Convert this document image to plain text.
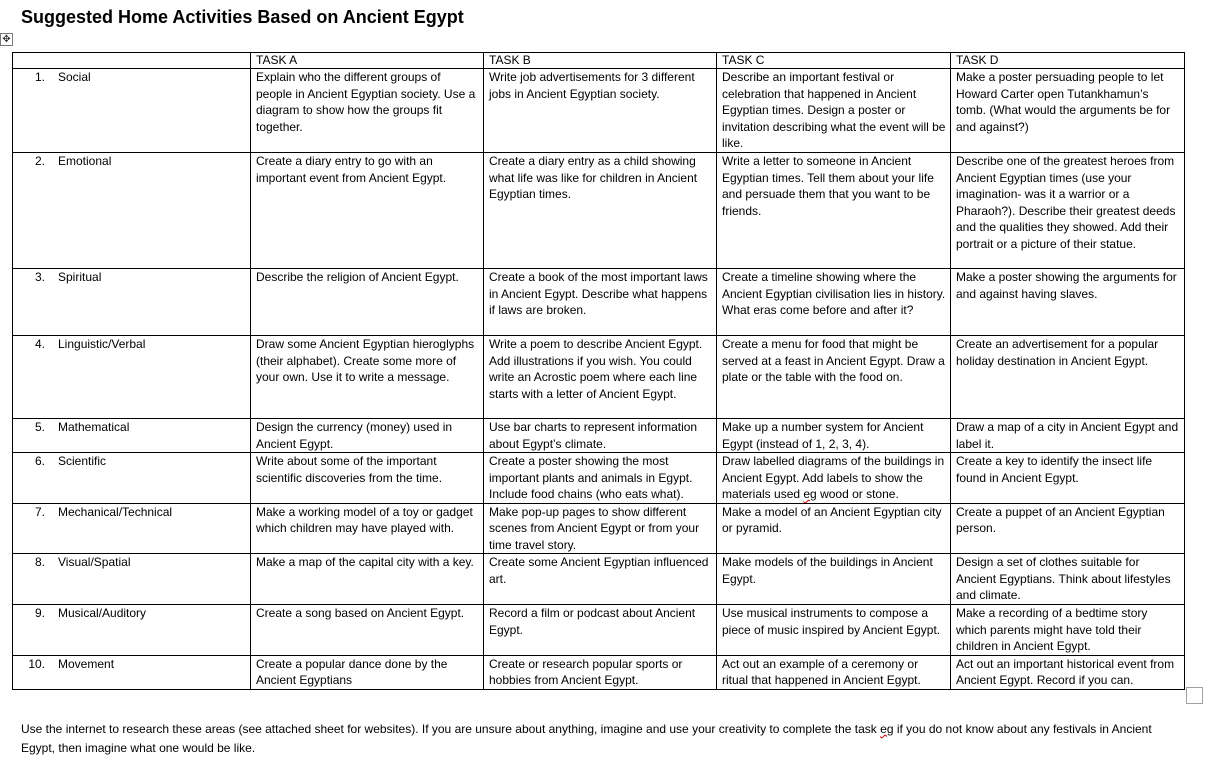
Suggested Home Activities Based on Ancient Egypt
✥
	TASK A	TASK B	TASK C	TASK D
1. Social	Explain who the different groups of people in Ancient Egyptian society. Use a diagram to show how the groups fit together.	Write job advertisements for 3 different jobs in Ancient Egyptian society.	Describe an important festival or celebration that happened in Ancient Egyptian times. Design a poster or invitation describing what the event will be like.	Make a poster persuading people to let Howard Carter open Tutankhamun’s tomb. (What would the arguments be for and against?)
2. Emotional	Create a diary entry to go with an important event from Ancient Egypt.	Create a diary entry as a child showing what life was like for children in Ancient Egyptian times.	Write a letter to someone in Ancient Egyptian times. Tell them about your life and persuade them that you want to be friends.	Describe one of the greatest heroes from Ancient Egyptian times (use your imagination- was it a warrior or a Pharaoh?). Describe their greatest deeds and the qualities they showed. Add their portrait or a picture of their statue.
3. Spiritual	Describe the religion of Ancient Egypt.	Create a book of the most important laws in Ancient Egypt. Describe what happens if laws are broken.	Create a timeline showing where the Ancient Egyptian civilisation lies in history. What eras come before and after it?	Make a poster showing the arguments for and against having slaves.
4. Linguistic/Verbal	Draw some Ancient Egyptian hieroglyphs (their alphabet). Create some more of your own. Use it to write a message.	Write a poem to describe Ancient Egypt. Add illustrations if you wish. You could write an Acrostic poem where each line starts with a letter of Ancient Egypt.	Create a menu for food that might be served at a feast in Ancient Egypt. Draw a plate or the table with the food on.	Create an advertisement for a popular holiday destination in Ancient Egypt.
5. Mathematical	Design the currency (money) used in Ancient Egypt.	Use bar charts to represent information about Egypt’s climate.	Make up a number system for Ancient Egypt (instead of 1, 2, 3, 4).	Draw a map of a city in Ancient Egypt and label it.
6. Scientific	Write about some of the important scientific discoveries from the time.	Create a poster showing the most important plants and animals in Egypt. Include food chains (who eats what).	Draw labelled diagrams of the buildings in Ancient Egypt. Add labels to show the materials used eg wood or stone.	Create a key to identify the insect life found in Ancient Egypt.
7. Mechanical/Technical	Make a working model of a toy or gadget which children may have played with.	Make pop-up pages to show different scenes from Ancient Egypt or from your time travel story.	Make a model of an Ancient Egyptian city or pyramid.	Create a puppet of an Ancient Egyptian person.
8. Visual/Spatial	Make a map of the capital city with a key.	Create some Ancient Egyptian influenced art.	Make models of the buildings in Ancient Egypt.	Design a set of clothes suitable for Ancient Egyptians. Think about lifestyles and climate.
9. Musical/Auditory	Create a song based on Ancient Egypt.	Record a film or podcast about Ancient Egypt.	Use musical instruments to compose a piece of music inspired by Ancient Egypt.	Make a recording of a bedtime story which parents might have told their children in Ancient Egypt.
10. Movement	Create a popular dance done by the Ancient Egyptians	Create or research popular sports or hobbies from Ancient Egypt.	Act out an example of a ceremony or ritual that happened in Ancient Egypt.	Act out an important historical event from Ancient Egypt. Record if you can.
Use the internet to research these areas (see attached sheet for websites). If you are unsure about anything, imagine and use your creativity to complete the task eg if you do not know about any festivals in Ancient Egypt, then imagine what one would be like.
